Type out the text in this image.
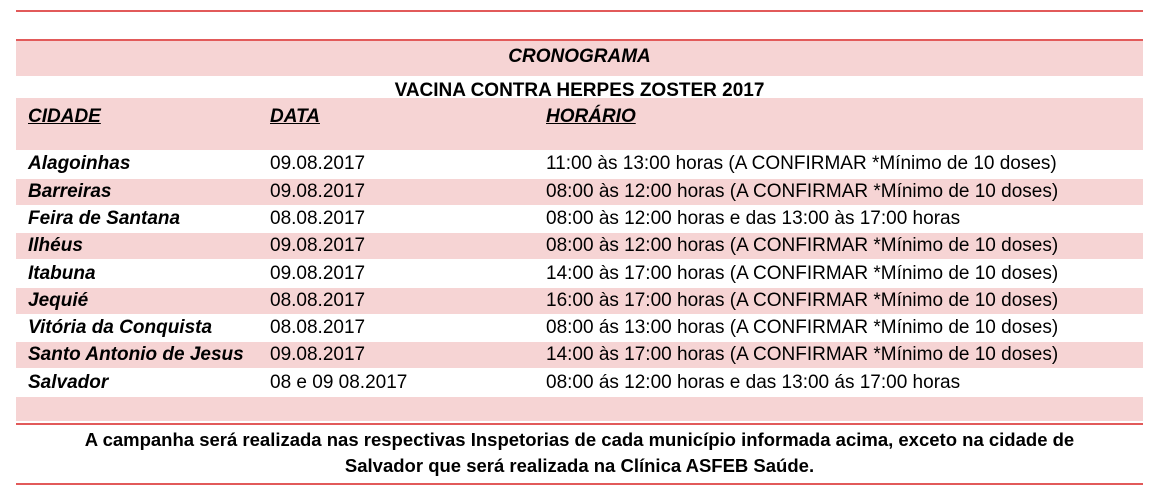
CRONOGRAMA
VACINA CONTRA HERPES ZOSTER 2017
CIDADE	DATA	HORÁRIO
Alagoinhas	09.08.2017	11:00 às 13:00 horas (A CONFIRMAR *Mínimo de 10 doses)
Barreiras	09.08.2017	08:00 às 12:00 horas (A CONFIRMAR *Mínimo de 10 doses)
Feira de Santana	08.08.2017	08:00 às 12:00 horas e das 13:00 às 17:00 horas
Ilhéus	09.08.2017	08:00 às 12:00 horas (A CONFIRMAR *Mínimo de 10 doses)
Itabuna	09.08.2017	14:00 às 17:00 horas (A CONFIRMAR *Mínimo de 10 doses)
Jequié	08.08.2017	16:00 às 17:00 horas (A CONFIRMAR *Mínimo de 10 doses)
Vitória da Conquista	08.08.2017	08:00 ás 13:00 horas (A CONFIRMAR *Mínimo de 10 doses)
Santo Antonio de Jesus 09.08.2017	14:00 às 17:00 horas (A CONFIRMAR *Mínimo de 10 doses)
Salvador	08 e 09 08.2017	08:00 ás 12:00 horas e das 13:00 ás 17:00 horas
A campanha será realizada nas respectivas Inspetorias de cada município informada acima, exceto na cidade de
Salvador que será realizada na Clínica ASFEB Saúde.
